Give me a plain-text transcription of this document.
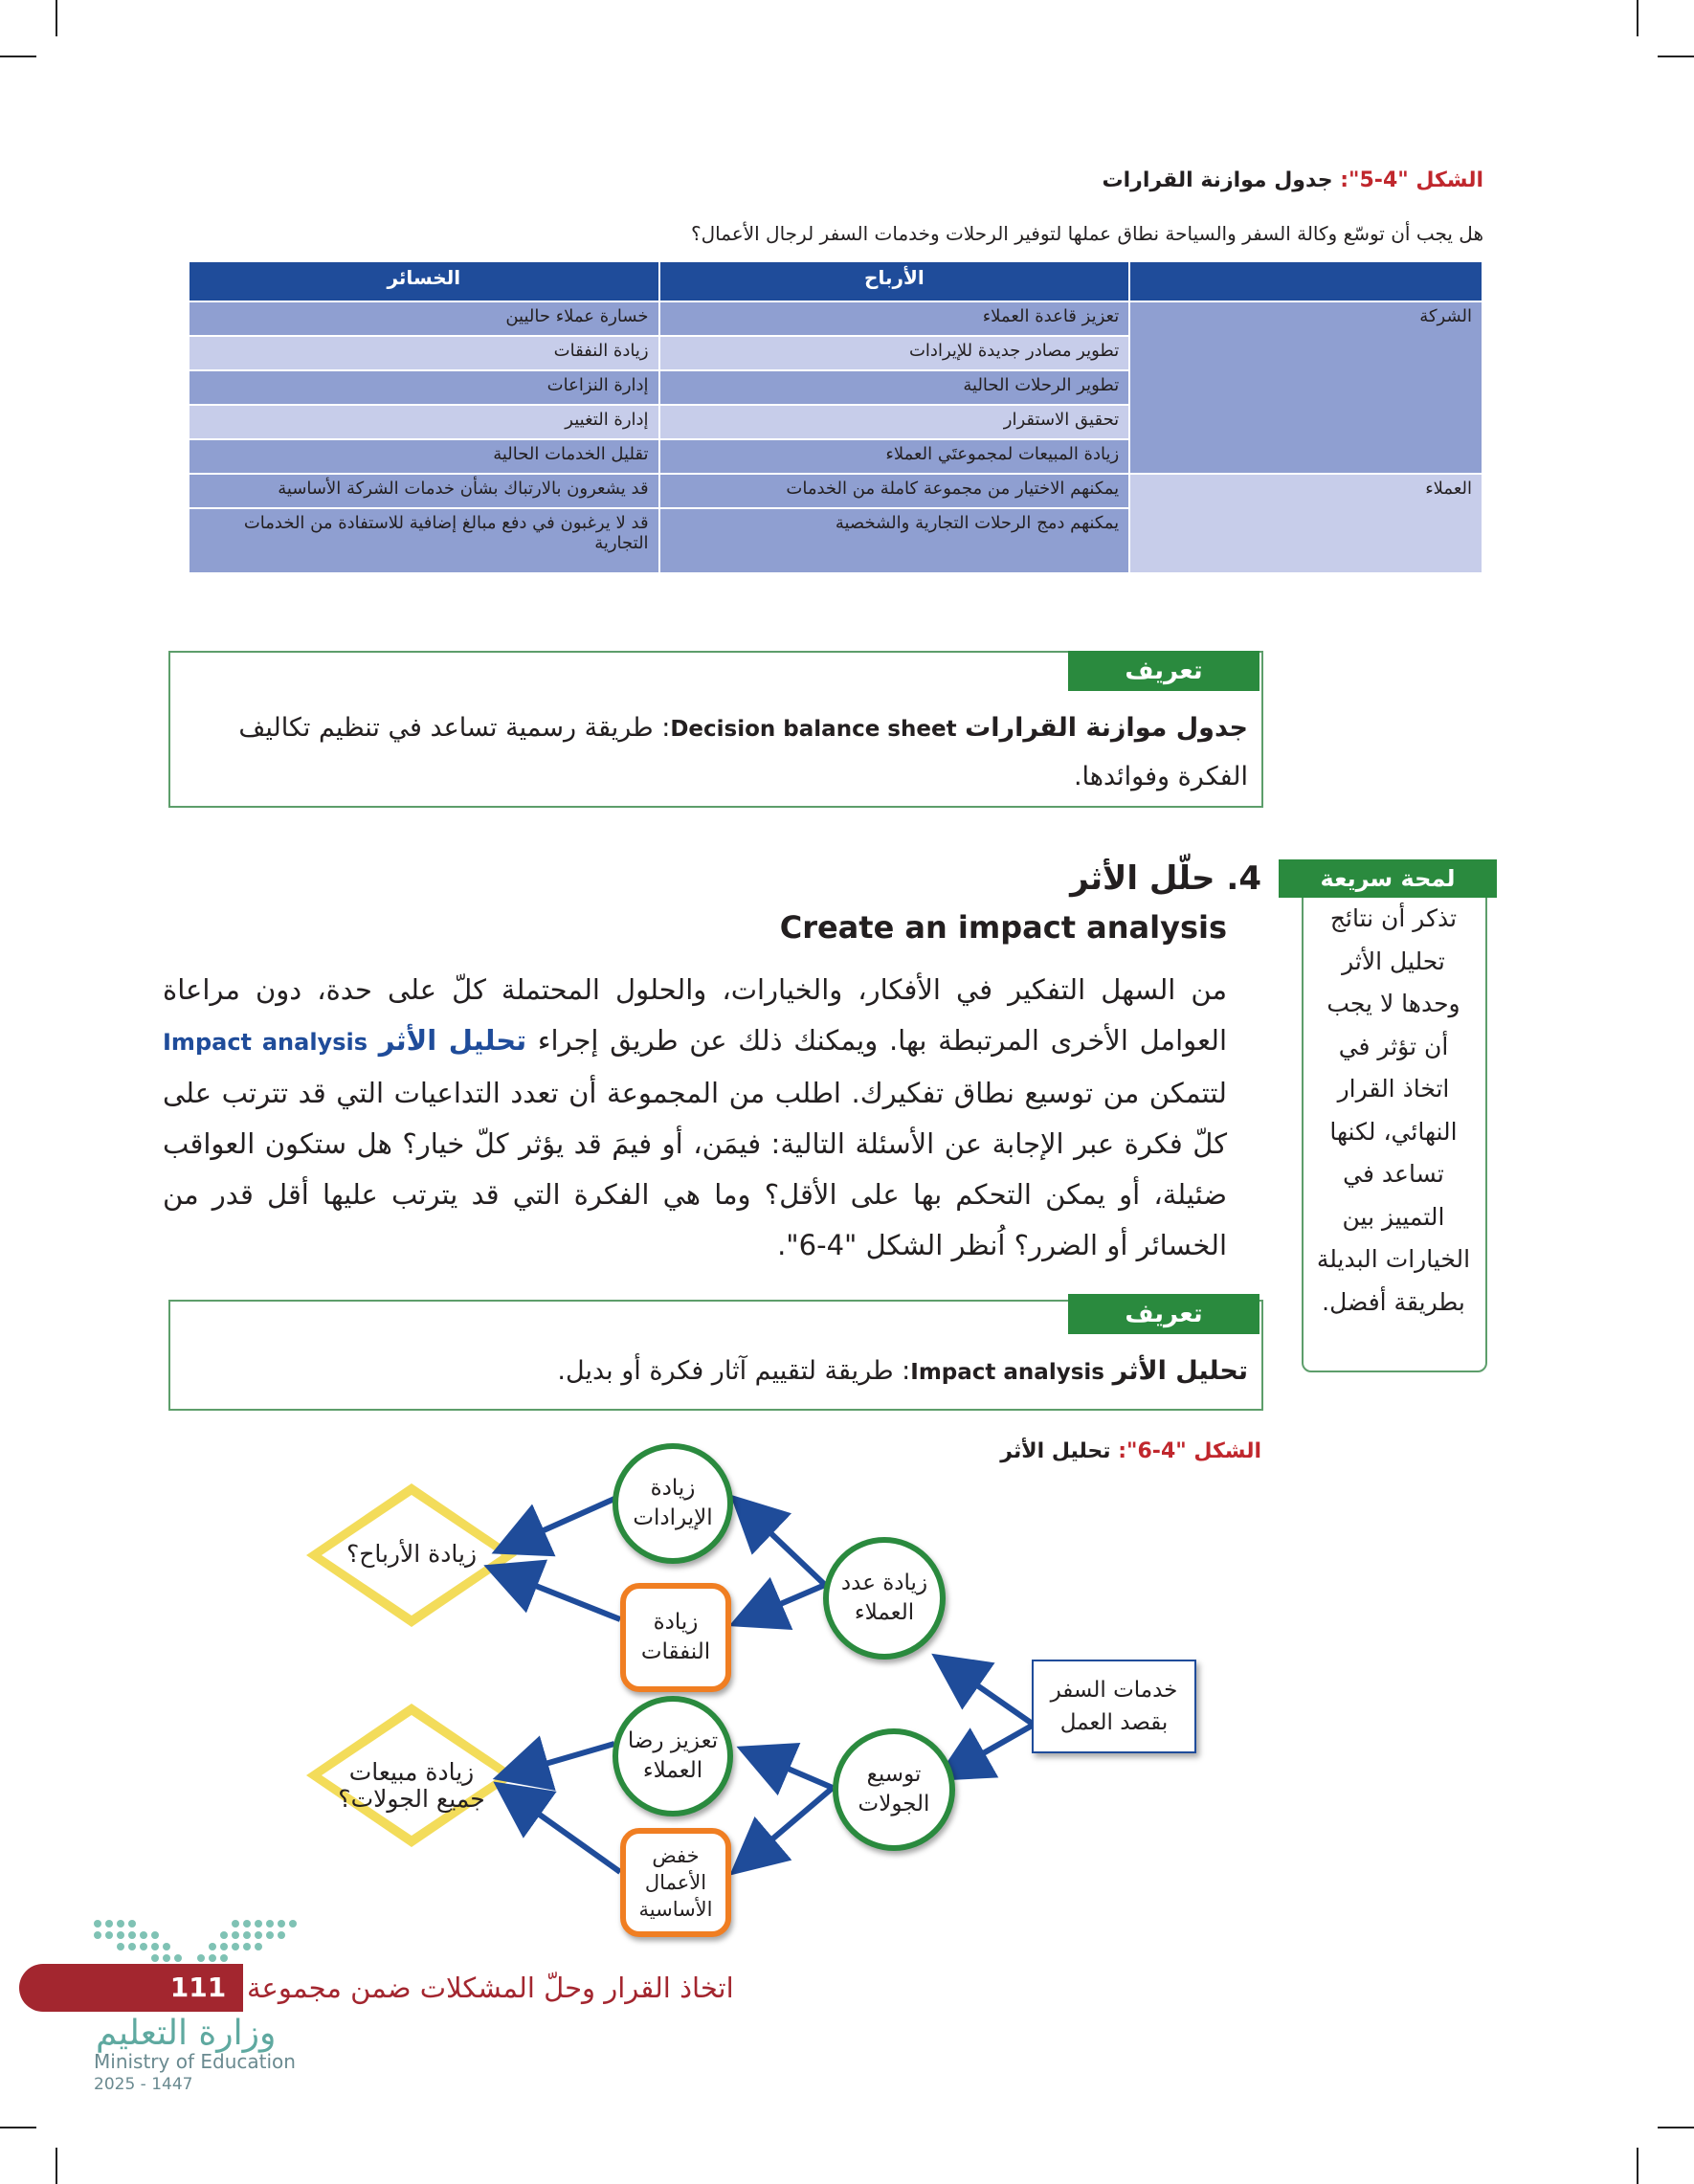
الشكل "4-5": جدول موازنة القرارات
هل يجب أن توسّع وكالة السفر والسياحة نطاق عملها لتوفير الرحلات وخدمات السفر لرجال الأعمال؟
	الأرباح	الخسائر
الشركة	تعزيز قاعدة العملاء	خسارة عملاء حاليين
	تطوير مصادر جديدة للإيرادات	زيادة النفقات
	تطوير الرحلات الحالية	إدارة النزاعات
	تحقيق الاستقرار	إدارة التغيير
	زيادة المبيعات لمجموعتَي العملاء	تقليل الخدمات الحالية
العملاء	يمكنهم الاختيار من مجموعة كاملة من الخدمات	قد يشعرون بالارتباك بشأن خدمات الشركة الأساسية
	يمكنهم دمج الرحلات التجارية والشخصية	قد لا يرغبون في دفع مبالغ إضافية للاستفادة من الخدمات التجارية
تعريف
جدول موازنة القرارات Decision balance sheet: طريقة رسمية تساعد في تنظيم تكاليف الفكرة وفوائدها.
لمحة سريعة
تذكر أن نتائج
تحليل الأثر
وحدها لا يجب
أن تؤثر في
اتخاذ القرار
النهائي، لكنها
تساعد في
التمييز بين
الخيارات البديلة
بطريقة أفضل.
4. حلّل الأثر
Create an impact analysis
من السهل التفكير في الأفكار، والخيارات، والحلول المحتملة كلّ على حدة، دون مراعاة العوامل الأخرى المرتبطة بها. ويمكنك ذلك عن طريق إجراء تحليل الأثر Impact analysis لتتمكن من توسيع نطاق تفكيرك. اطلب من المجموعة أن تعدد التداعيات التي قد تترتب على كلّ فكرة عبر الإجابة عن الأسئلة التالية: فيمَن، أو فيمَ قد يؤثر كلّ خيار؟ هل ستكون العواقب ضئيلة، أو يمكن التحكم بها على الأقل؟ وما هي الفكرة التي قد يترتب عليها أقل قدر من الخسائر أو الضرر؟ اُنظر الشكل "4-6".
تعريف
تحليل الأثر Impact analysis: طريقة لتقييم آثار فكرة أو بديل.
الشكل "4-6": تحليل الأثر
زيادة الأرباح؟
زيادة مبيعات جميع الجولات؟
خدمات السفر بقصد العمل
زيادة عدد العملاء
توسيع الجولات
زيادة الإيرادات
زيادة النفقات
تعزيز رضا العملاء
خفض الأعمال الأساسية
111 اتخاذ القرار وحلّ المشكلات ضمن مجموعة
وزارة التعليم
Ministry of Education
2025 - 1447
